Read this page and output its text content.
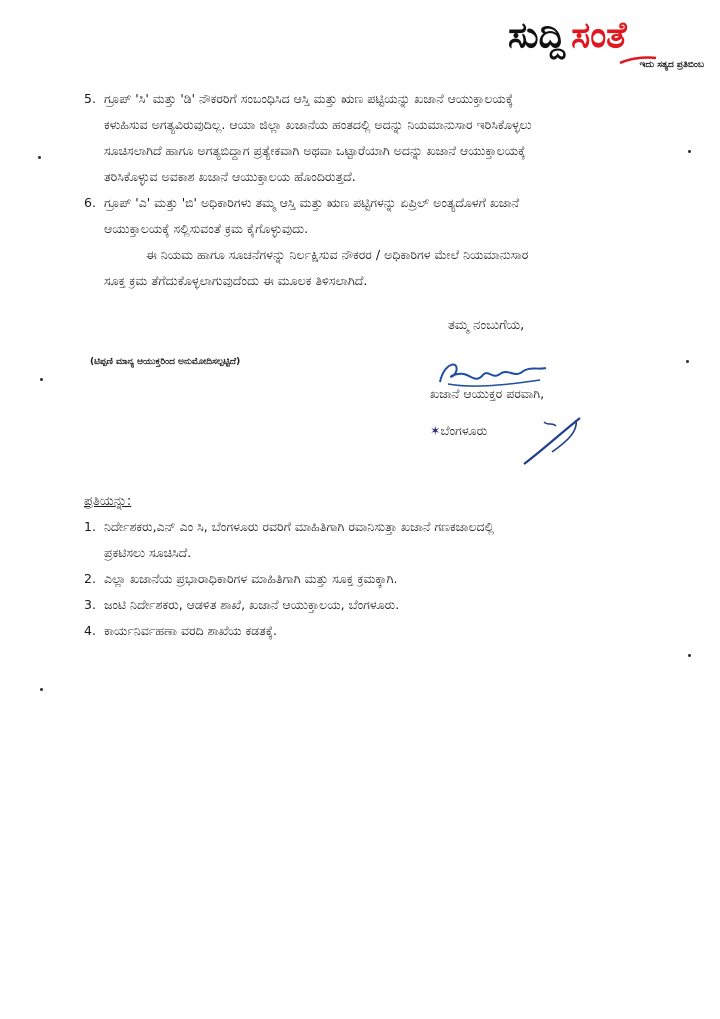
ಸುದ್ದಿ ಸಂತೆ
ಇದು ಸತ್ಯದ ಪ್ರತಿಬಿಂಬ
5. ಗ್ರೂಪ್ 'ಸಿ' ಮತ್ತು 'ಡಿ' ನೌಕರರಿಗೆ ಸಂಬಂಧಿಸಿದ ಆಸ್ತಿ ಮತ್ತು ಋಣ ಪಟ್ಟಿಯನ್ನು ಖಜಾನೆ ಆಯುಕ್ತಾಲಯಕ್ಕೆ
ಕಳುಹಿಸುವ ಅಗತ್ಯವಿರುವುದಿಲ್ಲ. ಆಯಾ ಜಿಲ್ಲಾ ಖಜಾನೆಯ ಹಂತದಲ್ಲಿ ಅದನ್ನು ನಿಯಮಾನುಸಾರ ಇರಿಸಿಕೊಳ್ಳಲು
ಸೂಚಿಸಲಾಗಿದೆ ಹಾಗೂ ಅಗತ್ಯಬಿದ್ದಾಗ ಪ್ರತ್ಯೇಕವಾಗಿ ಅಥವಾ ಒಟ್ಟಾರೆಯಾಗಿ ಅದನ್ನು ಖಜಾನೆ ಆಯುಕ್ತಾಲಯಕ್ಕೆ
ತರಿಸಿಕೊಳ್ಳುವ ಅವಕಾಶ ಖಜಾನೆ ಆಯುಕ್ತಾಲಯ ಹೊಂದಿರುತ್ತದೆ.
6. ಗ್ರೂಪ್ 'ಎ' ಮತ್ತು 'ಬಿ' ಅಧಿಕಾರಿಗಳು ತಮ್ಮ ಆಸ್ತಿ ಮತ್ತು ಋಣ ಪಟ್ಟಿಗಳನ್ನು ಏಪ್ರಿಲ್ ಅಂತ್ಯದೊಳಗೆ ಖಜಾನೆ
ಆಯುಕ್ತಾಲಯಕ್ಕೆ ಸಲ್ಲಿಸುವಂತೆ ಕ್ರಮ ಕೈಗೊಳ್ಳುವುದು.
ಈ ನಿಯಮ ಹಾಗೂ ಸೂಚನೆಗಳನ್ನು ನಿರ್ಲಕ್ಷಿಸುವ ನೌಕರರ / ಅಧಿಕಾರಿಗಳ ಮೇಲೆ ನಿಯಮಾನುಸಾರ
ಸೂಕ್ತ ಕ್ರಮ ತೆಗೆದುಕೊಳ್ಳಲಾಗುವುದೆಂದು ಈ ಮೂಲಕ ತಿಳಿಸಲಾಗಿದೆ.
ತಮ್ಮ ನಂಬುಗೆಯ,
(ಟಿಪ್ಪಣಿ ಮಾನ್ಯ ಆಯುಕ್ತರಿಂದ ಅನುಮೋದಿಸಲ್ಪಟ್ಟಿದೆ)
ಖಜಾನೆ ಆಯುಕ್ತರ ಪರವಾಗಿ,
✶ಬೆಂಗಳೂರು
ಪ್ರತಿಯನ್ನು:
1. ನಿರ್ದೇಶಕರು,ಎನ್ ಎಂ ಸಿ, ಬೆಂಗಳೂರು ರವರಿಗೆ ಮಾಹಿತಿಗಾಗಿ ರವಾನಿಸುತ್ತಾ ಖಜಾನೆ ಗಣಕಜಾಲದಲ್ಲಿ
ಪ್ರಕಟಿಸಲು ಸೂಚಿಸಿದೆ.
2. ಎಲ್ಲಾ ಖಜಾನೆಯ ಪ್ರಭಾರಾಧಿಕಾರಿಗಳ ಮಾಹಿತಿಗಾಗಿ ಮತ್ತು ಸೂಕ್ತ ಕ್ರಮಕ್ಕಾಗಿ.
3. ಜಂಟಿ ನಿರ್ದೇಶಕರು, ಆಡಳಿತ ಶಾಖೆ, ಖಜಾನೆ ಆಯುಕ್ತಾಲಯ, ಬೆಂಗಳೂರು.
4. ಕಾರ್ಯನಿರ್ವಹಣಾ ವರದಿ ಶಾಖೆಯ ಕಡತಕ್ಕೆ.
